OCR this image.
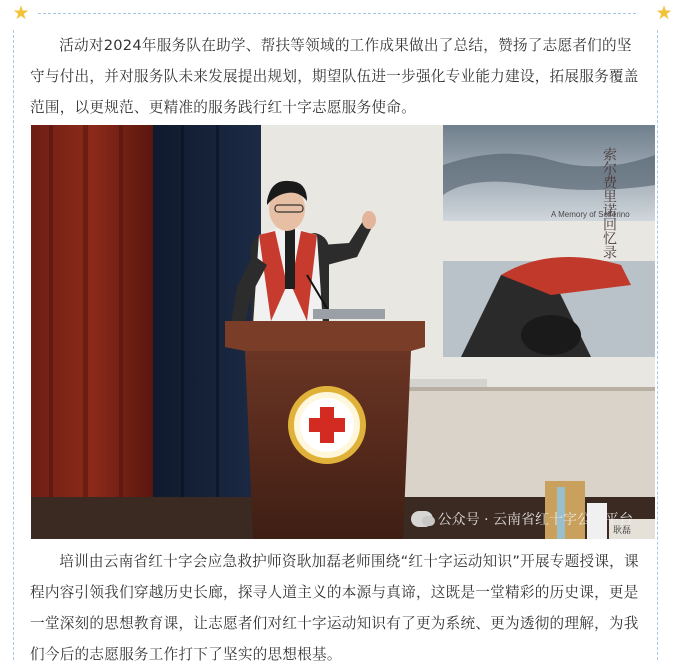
★	★

活动对2024年服务队在助学、帮扶等领域的工作成果做出了总结，赞扬了志愿者们的坚守与付出，并对服务队未来发展提出规划，期望队伍进一步强化专业能力建设，拓展服务覆盖范围，以更规范、更精准的服务践行红十字志愿服务使命。

索尔费里诺回忆录
A Memory of Solferino
耿磊
公众号 · 云南省红十字公益平台

培训由云南省红十字会应急救护师资耿加磊老师围绕“红十字运动知识”开展专题授课，课程内容引领我们穿越历史长廊，探寻人道主义的本源与真谛，这既是一堂精彩的历史课，更是一堂深刻的思想教育课，让志愿者们对红十字运动知识有了更为系统、更为透彻的理解，为我们今后的志愿服务工作打下了坚实的思想根基。
